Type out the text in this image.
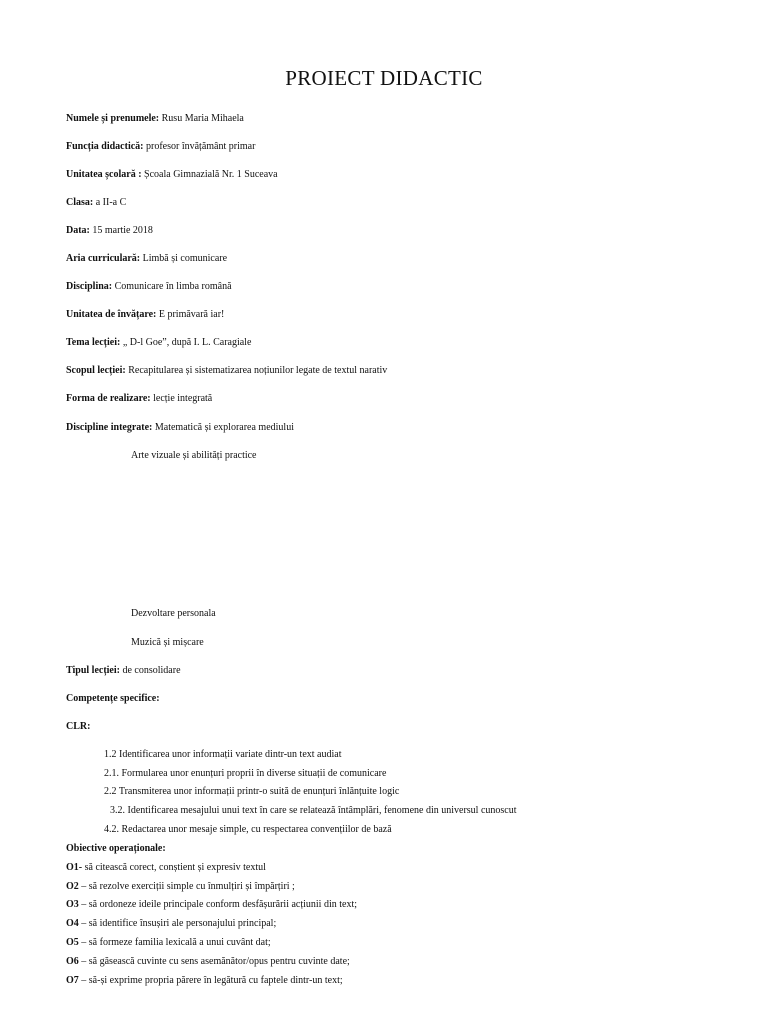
PROIECT DIDACTIC
Numele și prenumele: Rusu Maria Mihaela
Funcția didactică: profesor învățământ primar
Unitatea școlară : Școala Gimnazială Nr. 1 Suceava
Clasa: a II-a C
Data: 15 martie 2018
Aria curriculară: Limbă și comunicare
Disciplina: Comunicare în limba română
Unitatea de învățare: E primăvară iar!
Tema lecției: „ D-l Goe”, după I. L. Caragiale
Scopul lecției: Recapitularea și sistematizarea noțiunilor legate de textul narativ
Forma de realizare: lecție integrată
Discipline integrate: Matematică și explorarea mediului
Arte vizuale și abilități practice
Dezvoltare personala
Muzică și mișcare
Tipul lecției: de consolidare
Competențe specifice:
CLR:
1.2 Identificarea unor informații variate dintr-un text audiat
2.1. Formularea unor enunțuri proprii în diverse situații de comunicare
2.2 Transmiterea unor informații printr-o suită de enunțuri înlănțuite logic
3.2. Identificarea mesajului unui text în care se relatează întâmplări, fenomene din universul cunoscut
4.2. Redactarea unor mesaje simple, cu respectarea convențiilor de bază
Obiective operaționale:
O1- să citească corect, conștient și expresiv textul
O2 – să rezolve exerciții simple cu înmulțiri și împărțiri ;
O3 – să ordoneze ideile principale conform desfășurării acțiunii din text;
O4 – să identifice însușiri ale personajului principal;
O5 – să formeze familia lexicală a unui cuvânt dat;
O6 – să găsească cuvinte cu sens asemănător/opus pentru cuvinte date;
O7 – să-și exprime propria părere în legătură cu faptele dintr-un text;
